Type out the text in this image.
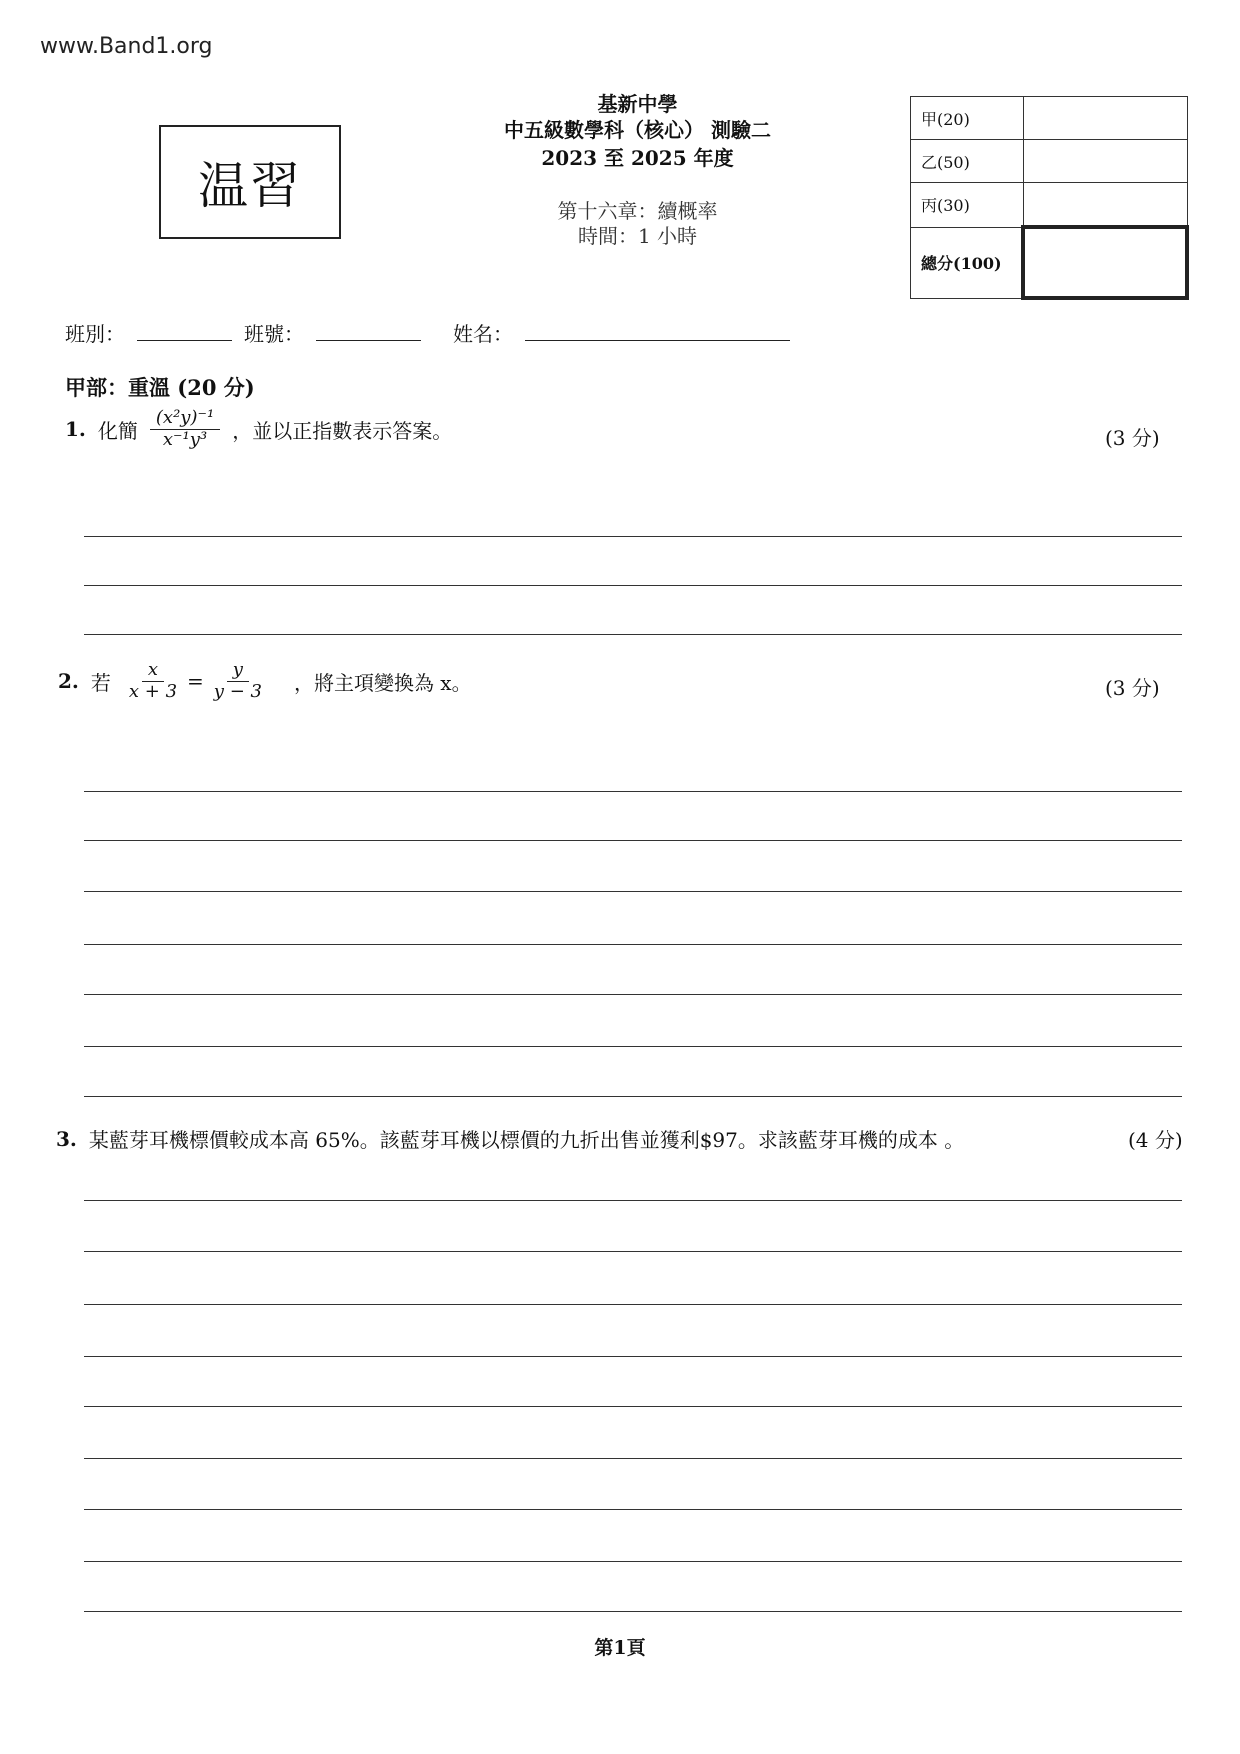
www.Band1.org
温習
基新中學
中五級數學科（核心） 測驗二
2023 至 2025 年度
第十六章：續概率
時間：1 小時
甲(20)	
乙(50)	
丙(30)	
總分(100)	
班別：	班號：	姓名：
甲部：重溫 (20 分)
1. 化簡 $\frac{\text{(x²y)⁻¹}}{\text{x⁻¹y³}}$ ，並以正指數表示答案。	(3 分)
2. 若 $\frac{x}{x + 3} = \frac{y}{y - 3}$ ，將主項變換為 x。	(3 分)
3. 某藍芽耳機標價較成本高 65%。該藍芽耳機以標價的九折出售並獲利$97。求該藍芽耳機的成本 。	(4 分)
第1頁
